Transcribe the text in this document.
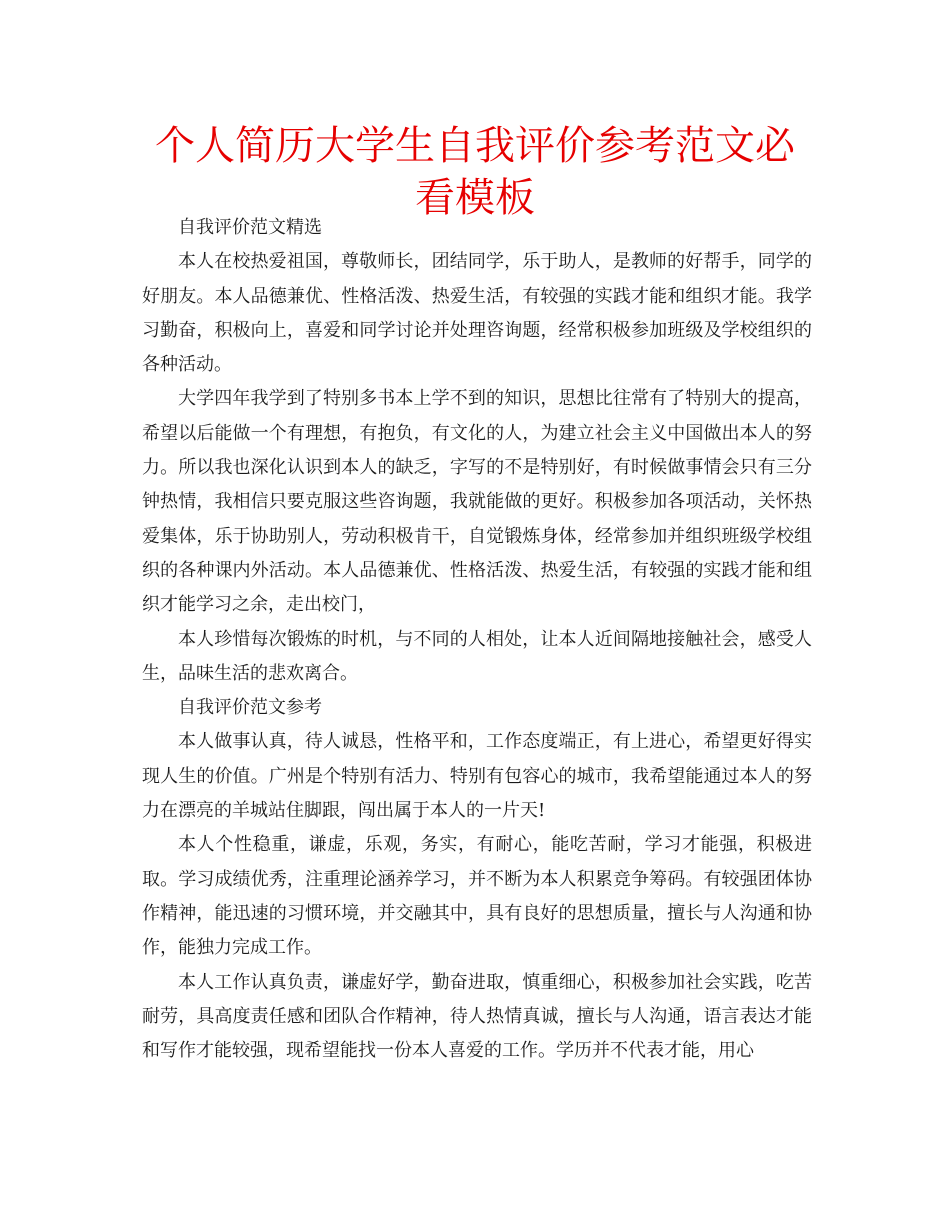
个人简历大学生自我评价参考范文必看模板

自我评价范文精选

本人在校热爱祖国，尊敬师长，团结同学，乐于助人，是教师的好帮手，同学的好朋友。本人品德兼优、性格活泼、热爱生活，有较强的实践才能和组织才能。我学习勤奋，积极向上，喜爱和同学讨论并处理咨询题，经常积极参加班级及学校组织的各种活动。

大学四年我学到了特别多书本上学不到的知识，思想比往常有了特别大的提高，希望以后能做一个有理想，有抱负，有文化的人，为建立社会主义中国做出本人的努力。所以我也深化认识到本人的缺乏，字写的不是特别好，有时候做事情会只有三分钟热情，我相信只要克服这些咨询题，我就能做的更好。积极参加各项活动，关怀热爱集体，乐于协助别人，劳动积极肯干，自觉锻炼身体，经常参加并组织班级学校组织的各种课内外活动。本人品德兼优、性格活泼、热爱生活，有较强的实践才能和组织才能学习之余，走出校门，

本人珍惜每次锻炼的时机，与不同的人相处，让本人近间隔地接触社会，感受人生，品味生活的悲欢离合。

自我评价范文参考

本人做事认真，待人诚恳，性格平和，工作态度端正，有上进心，希望更好得实现人生的价值。广州是个特别有活力、特别有包容心的城市，我希望能通过本人的努力在漂亮的羊城站住脚跟，闯出属于本人的一片天!

本人个性稳重，谦虚，乐观，务实，有耐心，能吃苦耐，学习才能强，积极进取。学习成绩优秀，注重理论涵养学习，并不断为本人积累竞争筹码。有较强团体协作精神，能迅速的习惯环境，并交融其中，具有良好的思想质量，擅长与人沟通和协作，能独力完成工作。

本人工作认真负责，谦虚好学，勤奋进取，慎重细心，积极参加社会实践，吃苦耐劳，具高度责任感和团队合作精神，待人热情真诚，擅长与人沟通，语言表达才能和写作才能较强，现希望能找一份本人喜爱的工作。学历并不代表才能，用心
